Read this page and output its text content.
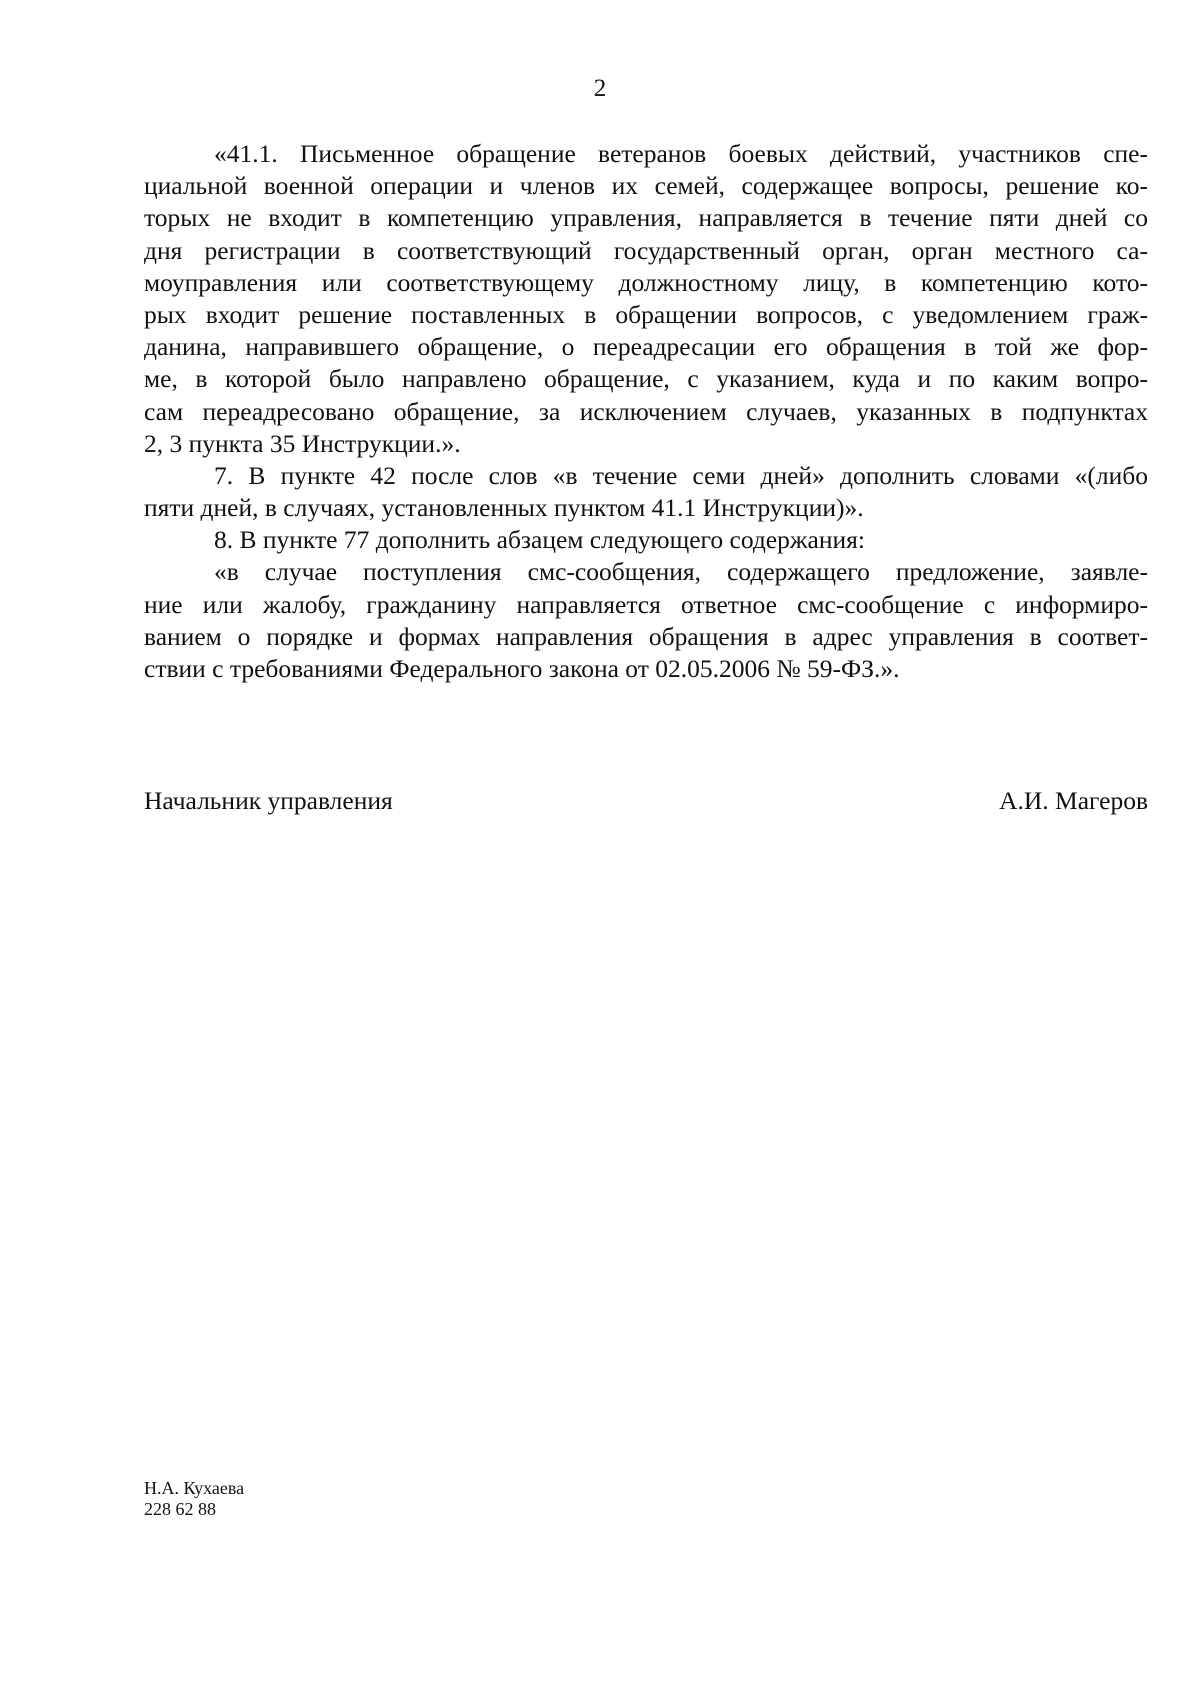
2
«41.1. Письменное обращение ветеранов боевых действий, участников спе-
циальной военной операции и членов их семей, содержащее вопросы, решение ко-
торых не входит в компетенцию управления, направляется в течение пяти дней со
дня регистрации в соответствующий государственный орган, орган местного са-
моуправления или соответствующему должностному лицу, в компетенцию кото-
рых входит решение поставленных в обращении вопросов, с уведомлением граж-
данина, направившего обращение, о переадресации его обращения в той же фор-
ме, в которой было направлено обращение, с указанием, куда и по каким вопро-
сам переадресовано обращение, за исключением случаев, указанных в подпунктах
2, 3 пункта 35 Инструкции.».
7. В пункте 42 после слов «в течение семи дней» дополнить словами «(либо
пяти дней, в случаях, установленных пунктом 41.1 Инструкции)».
8. В пункте 77 дополнить абзацем следующего содержания:
«в случае поступления смс-сообщения, содержащего предложение, заявле-
ние или жалобу, гражданину направляется ответное смс-сообщение с информиро-
ванием о порядке и формах направления обращения в адрес управления в соответ-
ствии с требованиями Федерального закона от 02.05.2006 № 59-ФЗ.».
Начальник управления	А.И. Магеров
Н.А. Кухаева
228 62 88
